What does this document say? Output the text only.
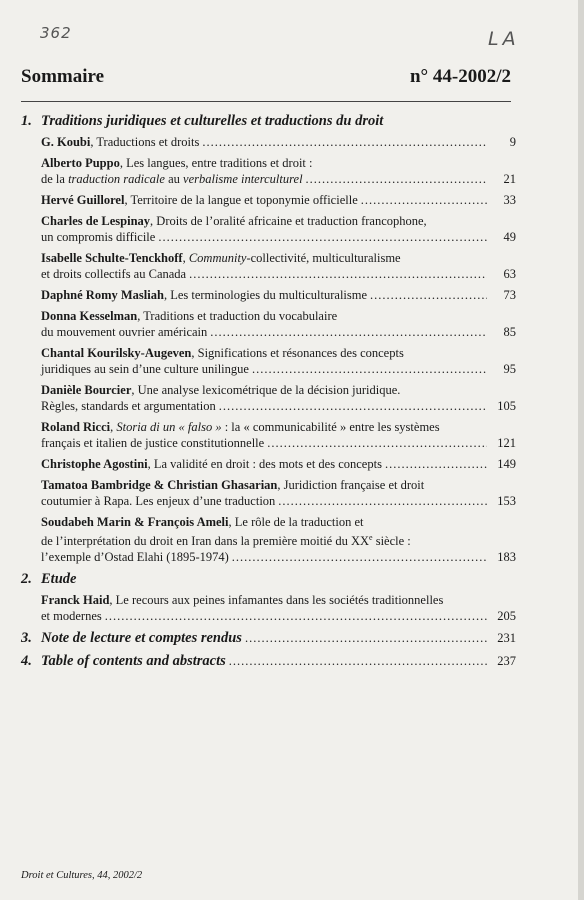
362	LA
Sommaire	n° 44-2002/2
1. Traditions juridiques et culturelles et traductions du droit
G. Koubi, Traductions et droits .....	9
Alberto Puppo, Les langues, entre traditions et droit :
de la traduction radicale au verbalisme interculturel .....	21
Hervé Guillorel, Territoire de la langue et toponymie officielle .....	33
Charles de Lespinay, Droits de l’oralité africaine et traduction francophone,
un compromis difficile .....	49
Isabelle Schulte-Tenckhoff, Community-collectivité, multiculturalisme
et droits collectifs au Canada .....	63
Daphné Romy Masliah, Les terminologies du multiculturalisme .....	73
Donna Kesselman, Traditions et traduction du vocabulaire
du mouvement ouvrier américain .....	85
Chantal Kourilsky-Augeven, Significations et résonances des concepts
juridiques au sein d’une culture unilingue .....	95
Danièle Bourcier, Une analyse lexicométrique de la décision juridique.
Règles, standards et argumentation .....	105
Roland Ricci, Storia di un « falso » : la « communicabilité » entre les systèmes
français et italien de justice constitutionnelle .....	121
Christophe Agostini, La validité en droit : des mots et des concepts .....	149
Tamatoa Bambridge & Christian Ghasarian, Juridiction française et droit
coutumier à Rapa. Les enjeux d’une traduction .....	153
Soudabeh Marin & François Ameli, Le rôle de la traduction et
de l’interprétation du droit en Iran dans la première moitié du XXe siècle :
l’exemple d’Ostad Elahi (1895-1974) .....	183
2. Etude
Franck Haid, Le recours aux peines infamantes dans les sociétés traditionnelles
et modernes .....	205
3. Note de lecture et comptes rendus .....	231
4. Table of contents and abstracts .....	237
Droit et Cultures, 44, 2002/2
